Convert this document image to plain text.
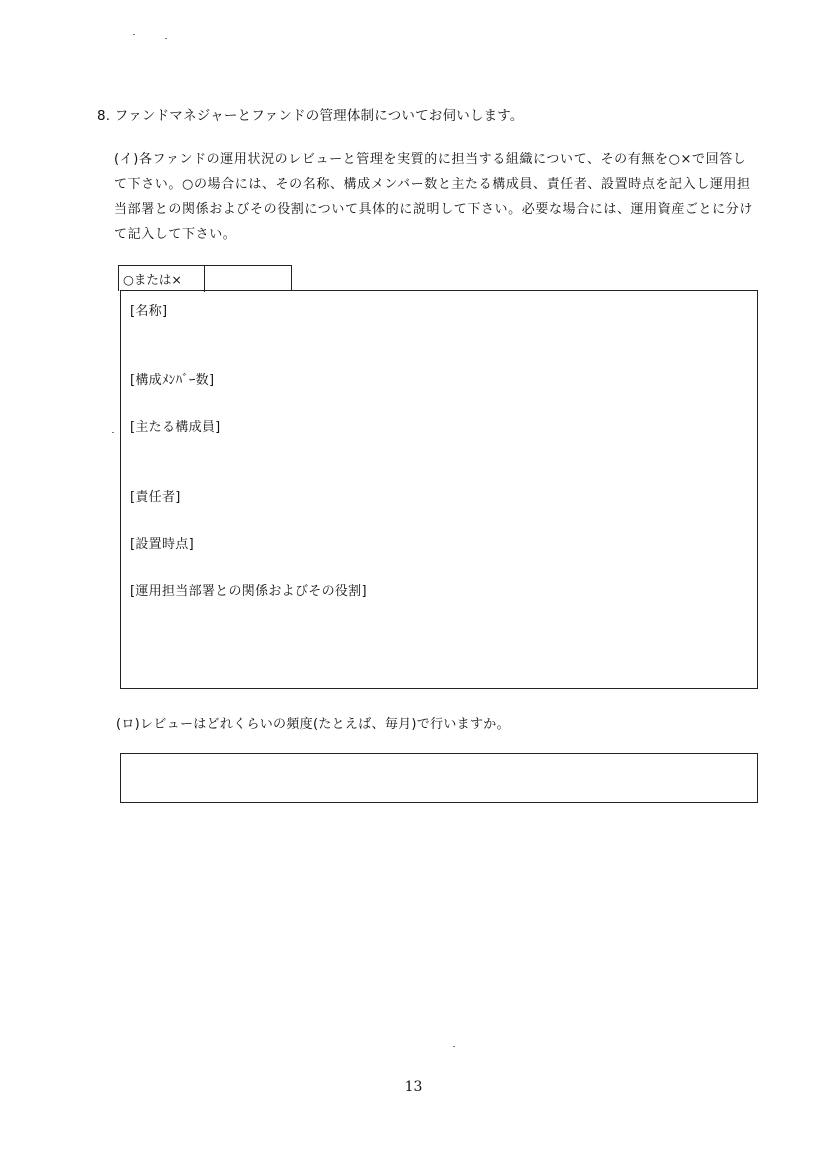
8. ファンドマネジャーとファンドの管理体制についてお伺いします。
(イ)各ファンドの運用状況のレビューと管理を実質的に担当する組織について、その有無を○×で回答し
て下さい。○の場合には、その名称、構成メンバー数と主たる構成員、責任者、設置時点を記入し運用担
当部署との関係およびその役割について具体的に説明して下さい。必要な場合には、運用資産ごとに分け
て記入して下さい。
○または×
[名称]
[構成ﾒﾝﾊﾞｰ数]
[主たる構成員]
[責任者]
[設置時点]
[運用担当部署との関係およびその役割]
(ロ)レビューはどれくらいの頻度(たとえば、毎月)で行いますか。
13
